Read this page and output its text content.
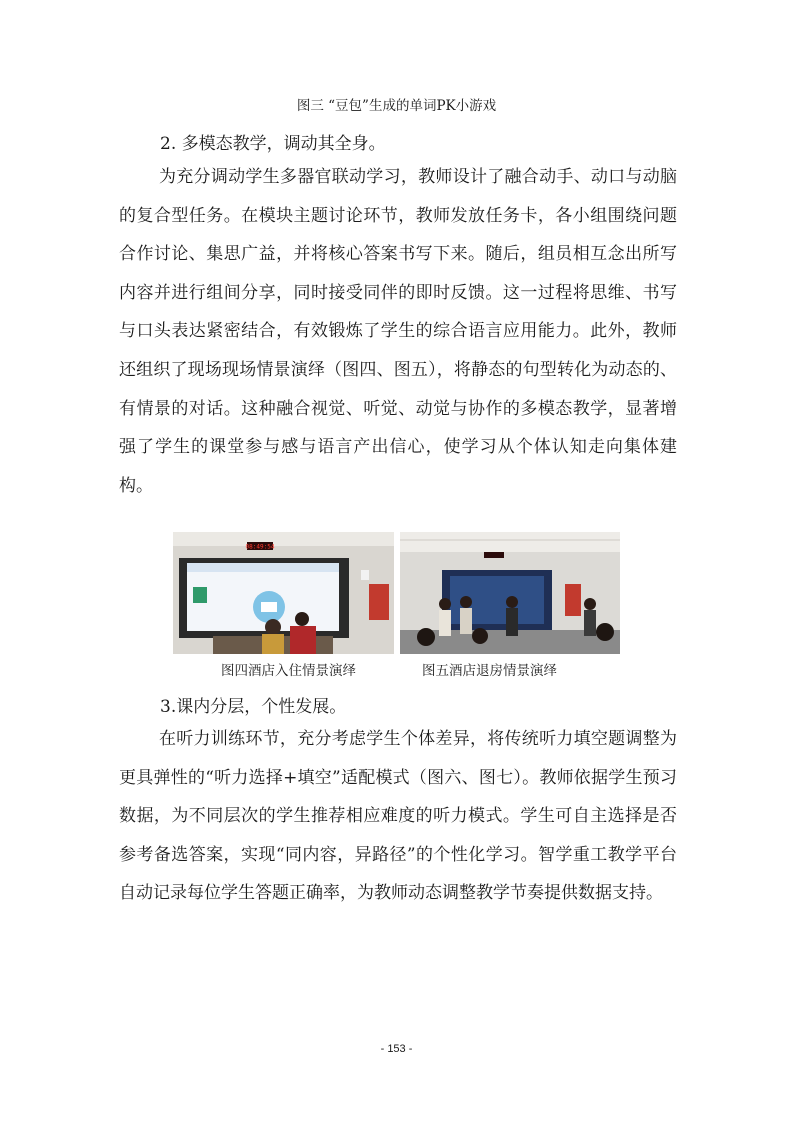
图三 “豆包”生成的单词PK小游戏
2. 多模态教学，调动其全身。

为充分调动学生多器官联动学习，教师设计了融合动手、动口与动脑的复合型任务。在模块主题讨论环节，教师发放任务卡，各小组围绕问题合作讨论、集思广益，并将核心答案书写下来。随后，组员相互念出所写内容并进行组间分享，同时接受同伴的即时反馈。这一过程将思维、书写与口头表达紧密结合，有效锻炼了学生的综合语言应用能力。此外，教师还组织了现场现场情景演绎（图四、图五），将静态的句型转化为动态的、有情景的对话。这种融合视觉、听觉、动觉与协作的多模态教学，显著增强了学生的课堂参与感与语言产出信心，使学习从个体认知走向集体建构。

08:49:54
图四酒店入住情景演绎	图五酒店退房情景演绎
3.课内分层，个性发展。

在听力训练环节，充分考虑学生个体差异，将传统听力填空题调整为更具弹性的“听力选择+填空”适配模式（图六、图七）。教师依据学生预习数据，为不同层次的学生推荐相应难度的听力模式。学生可自主选择是否参考备选答案，实现“同内容，异路径”的个性化学习。智学重工教学平台自动记录每位学生答题正确率，为教师动态调整教学节奏提供数据支持。

- 153 -
